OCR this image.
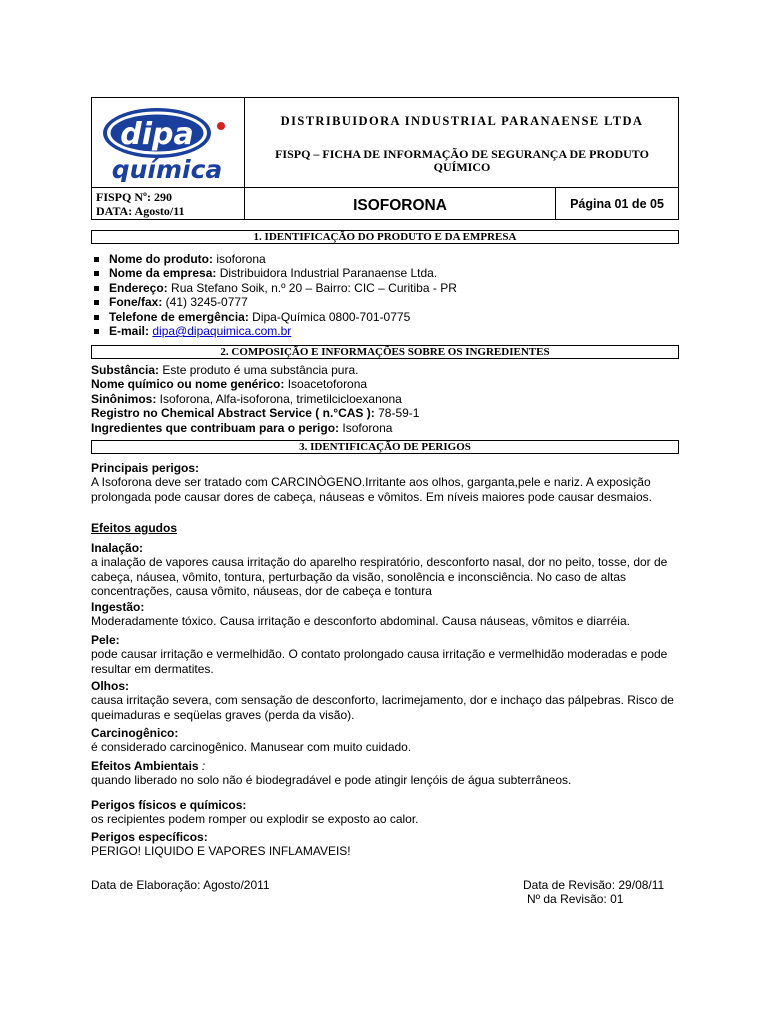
dipa
química
DISTRIBUIDORA INDUSTRIAL PARANAENSE LTDA
FISPQ – FICHA DE INFORMAÇÃO DE SEGURANÇA DE PRODUTO
QUÍMICO
FISPQ Nº: 290
DATA: Agosto/11	ISOFORONA	Página 01 de 05
1. IDENTIFICAÇÃO DO PRODUTO E DA EMPRESA
Nome do produto: isoforona
Nome da empresa: Distribuidora Industrial Paranaense Ltda.
Endereço: Rua Stefano Soik, n.º 20 – Bairro: CIC – Curitiba - PR
Fone/fax: (41) 3245-0777
Telefone de emergência: Dipa-Química 0800-701-0775
E-mail: dipa@dipaquimica.com.br
2. COMPOSIÇÃO E INFORMAÇÕES SOBRE OS INGREDIENTES
Substância: Este produto é uma substância pura.
Nome químico ou nome genérico: Isoacetoforona
Sinônimos: Isoforona, Alfa-isoforona, trimetilcicloexanona
Registro no Chemical Abstract Service ( n.°CAS ): 78-59-1
Ingredientes que contribuam para o perigo: Isoforona
3. IDENTIFICAÇÃO DE PERIGOS
Principais perigos:
A Isoforona deve ser tratado com CARCINÒGENO.Irritante aos olhos, garganta,pele e nariz. A exposição prolongada pode causar dores de cabeça, náuseas e vômitos. Em níveis maiores pode causar desmaios.
Efeitos agudos
Inalação:
a inalação de vapores causa irritação do aparelho respiratório, desconforto nasal, dor no peito, tosse, dor de cabeça, náusea, vômito, tontura, perturbação da visão, sonolência e inconsciência. No caso de altas concentrações, causa vômito, náuseas, dor de cabeça e tontura
Ingestão:
Moderadamente tóxico. Causa irritação e desconforto abdominal. Causa náuseas, vômitos e diarréia.
Pele:
pode causar irritação e vermelhidão. O contato prolongado causa irritação e vermelhidão moderadas e pode resultar em dermatites.
Olhos:
causa irritação severa, com sensação de desconforto, lacrimejamento, dor e inchaço das pálpebras. Risco de queimaduras e seqüelas graves (perda da visão).
Carcinogênico:
é considerado carcinogênico. Manusear com muito cuidado.
Efeitos Ambientais :
quando liberado no solo não é biodegradável e pode atingir lençóis de água subterrâneos.
Perigos físicos e químicos:
os recipientes podem romper ou explodir se exposto ao calor.
Perigos específicos:
PERIGO! LIQUIDO E VAPORES INFLAMAVEIS!
Data de Elaboração: Agosto/2011	Data de Revisão: 29/08/11
Nº da Revisão: 01
